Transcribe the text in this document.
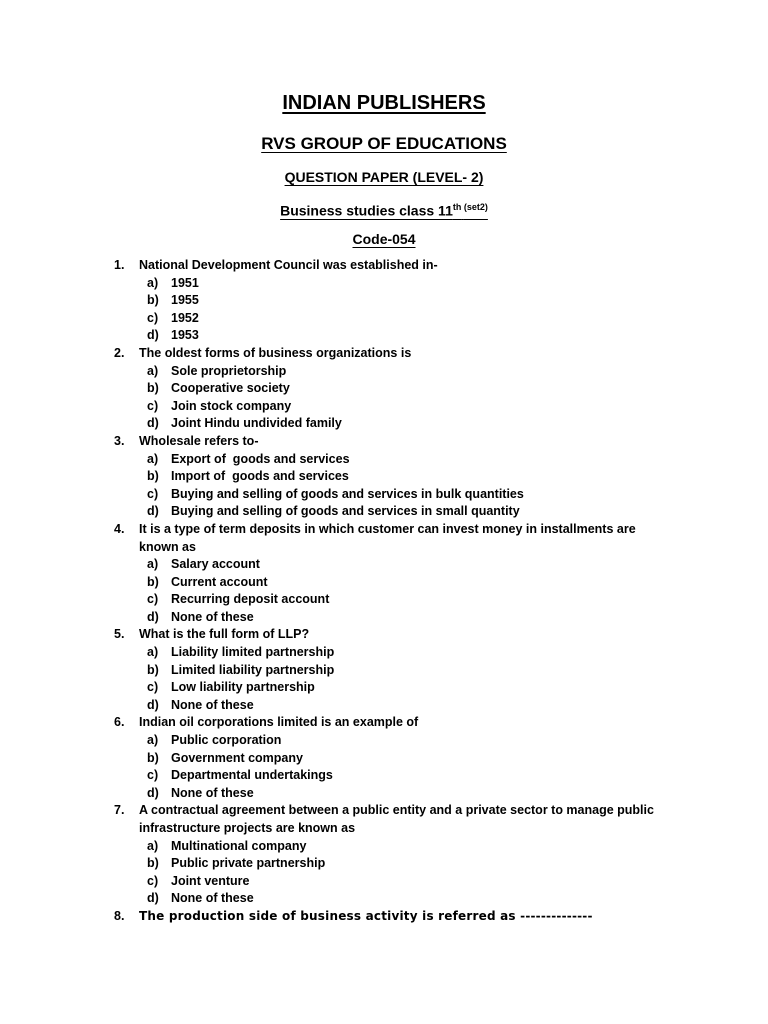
INDIAN PUBLISHERS
RVS GROUP OF EDUCATIONS
QUESTION PAPER (LEVEL- 2)
Business studies class 11th $^{(set2)}$
Code-054
1. National Development Council was established in-
a) 1951
b) 1955
c) 1952
d) 1953
2. The oldest forms of business organizations is
a) Sole proprietorship
b) Cooperative society
c) Join stock company
d) Joint Hindu undivided family
3. Wholesale refers to-
a) Export of  goods and services
b) Import of  goods and services
c) Buying and selling of goods and services in bulk quantities
d) Buying and selling of goods and services in small quantity
4. It is a type of term deposits in which customer can invest money in installments are known as
a) Salary account
b) Current account
c) Recurring deposit account
d) None of these
5. What is the full form of LLP?
a) Liability limited partnership
b) Limited liability partnership
c) Low liability partnership
d) None of these
6. Indian oil corporations limited is an example of
a) Public corporation
b) Government company
c) Departmental undertakings
d) None of these
7. A contractual agreement between a public entity and a private sector to manage public infrastructure projects are known as
a) Multinational company
b) Public private partnership
c) Joint venture
d) None of these
8. The production side of business activity is referred as --------------
